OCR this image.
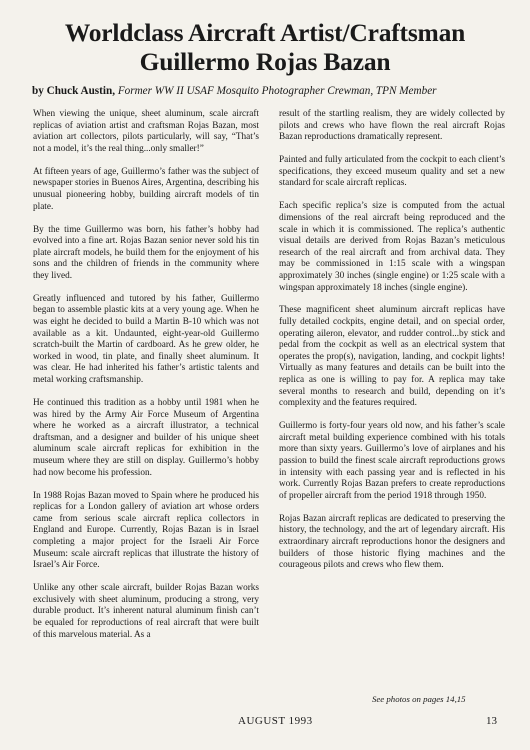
Worldclass Aircraft Artist/Craftsman
Guillermo Rojas Bazan
by Chuck Austin, Former WW II USAF Mosquito Photographer Crewman, TPN Member

When viewing the unique, sheet aluminum, scale aircraft replicas of aviation artist and craftsman Rojas Bazan, most aviation art collectors, pilots particularly, will say, “That’s not a model, it’s the real thing...only smaller!”

At fifteen years of age, Guillermo’s father was the subject of newspaper stories in Buenos Aires, Argentina, describing his unusual pioneering hobby, building aircraft models of tin plate.

By the time Guillermo was born, his father’s hobby had evolved into a fine art. Rojas Bazan senior never sold his tin plate aircraft models, he build them for the enjoyment of his sons and the children of friends in the community where they lived.

Greatly influenced and tutored by his father, Guillermo began to assemble plastic kits at a very young age. When he was eight he decided to build a Martin B-10 which was not available as a kit. Undaunted, eight-year-old Guillermo scratch-built the Martin of cardboard. As he grew older, he worked in wood, tin plate, and finally sheet aluminum. It was clear. He had inherited his father’s artistic talents and metal working craftsmanship.

He continued this tradition as a hobby until 1981 when he was hired by the Army Air Force Museum of Argentina where he worked as a aircraft illustrator, a technical draftsman, and a designer and builder of his unique sheet aluminum scale aircraft replicas for exhibition in the museum where they are still on display. Guillermo’s hobby had now become his profession.

In 1988 Rojas Bazan moved to Spain where he produced his replicas for a London gallery of aviation art whose orders came from serious scale aircraft replica collectors in England and Europe. Currently, Rojas Bazan is in Israel completing a major project for the Israeli Air Force Museum: scale aircraft replicas that illustrate the history of Israel’s Air Force.

Unlike any other scale aircraft, builder Rojas Bazan works exclusively with sheet aluminum, producing a strong, very durable product. It’s inherent natural aluminum finish can’t be equaled for reproductions of real aircraft that were built of this marvelous material. As a

result of the startling realism, they are widely collected by pilots and crews who have flown the real aircraft Rojas Bazan reproductions dramatically represent.

Painted and fully articulated from the cockpit to each client’s specifications, they exceed museum quality and set a new standard for scale aircraft replicas.

Each specific replica’s size is computed from the actual dimensions of the real aircraft being reproduced and the scale in which it is commissioned. The replica’s authentic visual details are derived from Rojas Bazan’s meticulous research of the real aircraft and from archival data. They may be commissioned in 1:15 scale with a wingspan approximately 30 inches (single engine) or 1:25 scale with a wingspan approximately 18 inches (single engine).

These magnificent sheet aluminum aircraft replicas have fully detailed cockpits, engine detail, and on special order, operating aileron, elevator, and rudder control...by stick and pedal from the cockpit as well as an electrical system that operates the prop(s), navigation, landing, and cockpit lights! Virtually as many features and details can be built into the replica as one is willing to pay for. A replica may take several months to research and build, depending on it’s complexity and the features required.

Guillermo is forty-four years old now, and his father’s scale aircraft metal building experience combined with his totals more than sixty years. Guillermo’s love of airplanes and his passion to build the finest scale aircraft reproductions grows in intensity with each passing year and is reflected in his work. Currently Rojas Bazan prefers to create reproductions of propeller aircraft from the period 1918 through 1950.

Rojas Bazan aircraft replicas are dedicated to preserving the history, the technology, and the art of legendary aircraft. His extraordinary aircraft reproductions honor the designers and builders of those historic flying machines and the courageous pilots and crews who flew them.

See photos on pages 14,15
AUGUST 1993	13
